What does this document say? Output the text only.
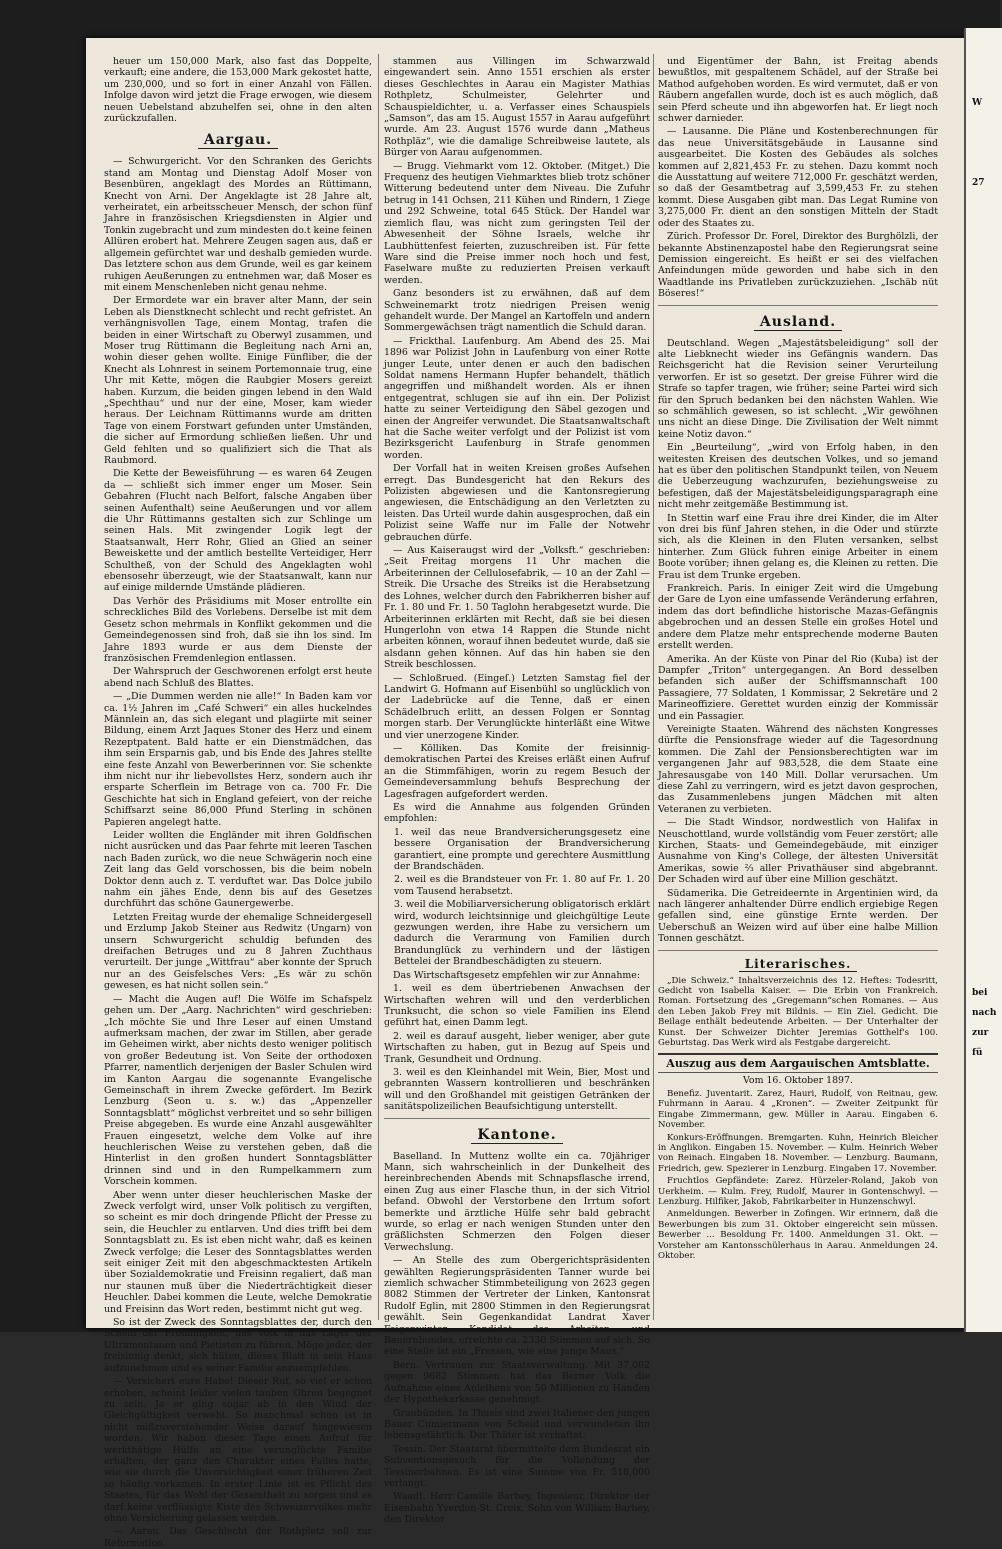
heuer um 150,000 Mark, also fast das Doppelte, verkauft; eine andere, die 153,000 Mark gekostet hatte, um 230,000, und so fort in einer Anzahl von Fällen. Infolge davon wird jetzt die Frage erwogen, wie diesem neuen Uebelstand abzuhelfen sei, ohne in den alten zurückzufallen.

Aargau.

— Schwurgericht. Vor den Schranken des Gerichts stand am Montag und Dienstag Adolf Moser von Besenbüren, angeklagt des Mordes an Rüttimann, Knecht von Arni. Der Angeklagte ist 28 Jahre alt, verheiratet, ein arbeitsscheuer Mensch, der schon fünf Jahre in französischen Kriegsdiensten in Algier und Tonkin zugebracht und zum mindesten do.t keine feinen Allüren erobert hat. Mehrere Zeugen sagen aus, daß er allgemein gefürchtet war und deshalb gemieden wurde. Das letztere schon aus dem Grunde, weil es gar keinem ruhigen Aeußerungen zu entnehmen war, daß Moser es mit einem Menschenleben nicht genau nehme.

Der Ermordete war ein braver alter Mann, der sein Leben als Dienstknecht schlecht und recht gefristet. An verhängnisvollen Tage, einem Montag, trafen die beiden in einer Wirtschaft zu Oberwyl zusammen, und Moser trug Rüttimann die Begleitung nach Arni an, wohin dieser gehen wollte. Einige Fünfliber, die der Knecht als Lohnrest in seinem Portemonnaie trug, eine Uhr mit Kette, mögen die Raubgier Mosers gereizt haben. Kurzum, die beiden gingen lebend in den Wald „Spechthau“ und nur der eine, Moser, kam wieder heraus. Der Leichnam Rüttimanns wurde am dritten Tage von einem Forstwart gefunden unter Umständen, die sicher auf Ermordung schließen ließen. Uhr und Geld fehlten und so qualifiziert sich die That als Raubmord.

Die Kette der Beweisführung — es waren 64 Zeugen da — schließt sich immer enger um Moser. Sein Gebahren (Flucht nach Belfort, falsche Angaben über seinen Aufenthalt) seine Aeußerungen und vor allem die Uhr Rüttimanns gestalten sich zur Schlinge um seinen Hals. Mit zwingender Logik legt der Staatsanwalt, Herr Rohr, Glied an Glied an seiner Beweiskette und der amtlich bestellte Verteidiger, Herr Schultheß, von der Schuld des Angeklagten wohl ebensosehr überzeugt, wie der Staatsanwalt, kann nur auf einige mildernde Umstände plädieren.

Das Verhör des Präsidiums mit Moser entrollte ein schreckliches Bild des Vorlebens. Derselbe ist mit dem Gesetz schon mehrmals in Konflikt gekommen und die Gemeindegenossen sind froh, daß sie ihn los sind. Im Jahre 1893 wurde er aus dem Dienste der französischen Fremdenlegion entlassen.

Der Wahrspruch der Geschworenen erfolgt erst heute abend nach Schluß des Blattes.

— „Die Dummen werden nie alle!“ In Baden kam vor ca. 1½ Jahren im „Café Schweri“ ein alles huckelndes Männlein an, das sich elegant und plagiirte mit seiner Bildung, einem Arzt Jaques Stoner des Herz und einem Rezeptpatent. Bald hatte er ein Dienstmädchen, das ihm sein Ersparnis gab, und bis Ende des Jahres stellte eine feste Anzahl von Bewerberinnen vor. Sie schenkte ihm nicht nur ihr liebevollstes Herz, sondern auch ihr ersparte Scherflein im Betrage von ca. 700 Fr. Die Geschichte hat sich in England gefeiert, von der reiche Schiffsarzt seine 86,000 Pfund Sterling in schönen Papieren angelegt hatte.

Leider wollten die Engländer mit ihren Goldfischen nicht ausrücken und das Paar fehrte mit leeren Taschen nach Baden zurück, wo die neue Schwägerin noch eine Zeit lang das Geld vorschossen, bis die beim nobeln Doktor denn auch z. T. verduftet war. Das Dolce jubilo nahm ein jähes Ende, denn bis auf des Gesetzes durchführt das schöne Gaunergewerbe.

Letzten Freitag wurde der ehemalige Schneidergesell und Erzlump Jakob Steiner aus Redwitz (Ungarn) von unsern Schwurgericht schuldig befunden des dreifachen Betruges und zu 8 Jahren Zuchthaus verurteilt. Der junge „Wittfrau“ aber konnte der Spruch nur an des Geisfelsches Vers: „Es wär zu schön gewesen, es hat nicht sollen sein.“

— Macht die Augen auf! Die Wölfe im Schafspelz gehen um. Der „Aarg. Nachrichten“ wird geschrieben: „Ich möchte Sie und Ihre Leser auf einen Umstand aufmerksam machen, der zwar im Stillen, aber gerade im Geheimen wirkt, aber nichts desto weniger politisch von großer Bedeutung ist. Von Seite der orthodoxen Pfarrer, namentlich derjenigen der Basler Schulen wird im Kanton Aargau die sogenannte Evangelische Gemeinschaft in ihrem Zwecke gefördert. Im Bezirk Lenzburg (Seon u. s. w.) das „Appenzeller Sonntagsblatt“ möglichst verbreitet und so sehr billigen Preise abgegeben. Es wurde eine Anzahl ausgewählter Frauen eingesetzt, welche dem Volke auf ihre heuchlerischen Weise zu verstehen geben, daß die Hinterlist in den großen hundert Sonntagsblätter drinnen sind und in den Rumpelkammern zum Vorschein kommen.

Aber wenn unter dieser heuchlerischen Maske der Zweck verfolgt wird, unser Volk politisch zu vergiften, so scheint es mir doch dringende Pflicht der Presse zu sein, die Heuchler zu entlarven. Und dies trifft bei dem Sonntagsblatt zu. Es ist eben nicht wahr, daß es keinen Zweck verfolge; die Leser des Sonntagsblattes werden seit einiger Zeit mit den abgeschmacktesten Artikeln über Sozialdemokratie und Freisinn regaliert, daß man nur staunen muß über die Niederträchtigkeit dieser Heuchler. Dabei kommen die Leute, welche Demokratie und Freisinn das Wort reden, bestimmt nicht gut weg.

So ist der Zweck des Sonntagsblattes der, durch den Schein der Frömmigkeit, das Volk in das Lager der Ultramontanen und Pietisten zu führen. Möge jeder, der freisinnig denkt, sich hüten, dieses Blatt in sein Haus aufzunehmen und es seiner Familie anzuempfehlen.

— Versichert eure Habe! Dieser Ruf, so viel er schon erhoben, scheint leider vielen tauben Ohren begegnet zu sein. Ja er ging sogar ab in den Wind der Gleichgültigkeit verweht. So manchmal schon ist in nicht mißzuverstehender Weise darauf hingewiesen worden. Wir haben dieser Tage einen Aufruf für werkthätige Hülfe an eine verunglückte Familie erhalten, der ganz den Charakter eines Falles hatte, wie sie durch die Unvorsichtigkeit einer früheren Zeit so häufig vorkamen. In erster Linie ist es Pflicht des Staates, für das Wohl der Gesamtheit zu sorgen und es darf keine verflüssigte Kiste des Schweizervolkes mehr ohne Versicherung gelassen werden.

— Aarau. Das Geschlecht der Rothpletz soll zur Reformation

stammen aus Villingen im Schwarzwald eingewandert sein. Anno 1551 erschien als erster dieses Geschlechtes in Aarau ein Magister Mathias Rothpletz, Schulmeister, Gelehrter und Schauspieldichter, u. a. Verfasser eines Schauspiels „Samson“, das am 15. August 1557 in Aarau aufgeführt wurde. Am 23. August 1576 wurde dann „Matheus Rothpläz“, wie die damalige Schreibweise lautete, als Bürger von Aarau aufgenommen.

— Brugg. Viehmarkt vom 12. Oktober. (Mitget.) Die Frequenz des heutigen Viehmarktes blieb trotz schöner Witterung bedeutend unter dem Niveau. Die Zufuhr betrug in 141 Ochsen, 211 Kühen und Rindern, 1 Ziege und 292 Schweine, total 645 Stück. Der Handel war ziemlich flau, was nicht zum geringsten Teil der Abwesenheit der Söhne Israels, welche ihr Laubhüttenfest feierten, zuzuschreiben ist. Für fette Ware sind die Preise immer noch hoch und fest, Faselware mußte zu reduzierten Preisen verkauft werden.

Ganz besonders ist zu erwähnen, daß auf dem Schweinemarkt trotz niedrigen Preisen wenig gehandelt wurde. Der Mangel an Kartoffeln und andern Sommergewächsen trägt namentlich die Schuld daran.

— Frickthal. Laufenburg. Am Abend des 25. Mai 1896 war Polizist John in Laufenburg von einer Rotte junger Leute, unter denen er auch den badischen Soldat namens Hermann Hupfer behandelt, thätlich angegriffen und mißhandelt worden. Als er ihnen entgegentrat, schlugen sie auf ihn ein. Der Polizist hatte zu seiner Verteidigung den Säbel gezogen und einen der Angreifer verwundet. Die Staatsanwaltschaft hat die Sache weiter verfolgt und der Polizist ist vom Bezirksgericht Laufenburg in Strafe genommen worden.

Der Vorfall hat in weiten Kreisen großes Aufsehen erregt. Das Bundesgericht hat den Rekurs des Polizisten abgewiesen und die Kantonsregierung angewiesen, die Entschädigung an den Verletzten zu leisten. Das Urteil wurde dahin ausgesprochen, daß ein Polizist seine Waffe nur im Falle der Notwehr gebrauchen dürfe.

— Aus Kaiseraugst wird der „Volksft.“ geschrieben: „Seit Freitag morgens 11 Uhr machen die Arbeiterinnen der Cellulosefabrik, — 10 an der Zahl — Streik. Die Ursache des Streiks ist die Herabsetzung des Lohnes, welcher durch den Fabrikherren bisher auf Fr. 1. 80 und Fr. 1. 50 Taglohn herabgesetzt wurde. Die Arbeiterinnen erklärten mit Recht, daß sie bei diesen Hungerlohn von etwa 14 Rappen die Stunde nicht arbeiten können, worauf ihnen bedeutet wurde, daß sie alsdann gehen können. Auf das hin haben sie den Streik beschlossen.

— Schloßrued. (Eingeſ.) Letzten Samstag fiel der Landwirt G. Hofmann auf Eisenbühl so unglücklich von der Ladebrücke auf die Tenne, daß er einen Schädelbruch erlitt, an dessen Folgen er Sonntag morgen starb. Der Verunglückte hinterläßt eine Witwe und vier unerzogene Kinder.

— Kölliken. Das Komite der freisinnig-demokratischen Partei des Kreises erläßt einen Aufruf an die Stimmfähigen, worin zu regem Besuch der Gemeindeversammlung behufs Besprechung der Lagesfragen aufgefordert werden.

Es wird die Annahme aus folgenden Gründen empfohlen:

1. weil das neue Brandversicherungsgesetz eine bessere Organisation der Brandversicherung garantiert, eine prompte und gerechtere Ausmittlung der Brandschäden.

2. weil es die Brandsteuer von Fr. 1. 80 auf Fr. 1. 20 vom Tausend herabsetzt.

3. weil die Mobiliarversicherung obligatorisch erklärt wird, wodurch leichtsinnige und gleichgültige Leute gezwungen werden, ihre Habe zu versichern um dadurch die Verarmung von Familien durch Brandunglück zu verhindern und der lästigen Bettelei der Brandbeschädigten zu steuern.

Das Wirtschaftsgesetz empfehlen wir zur Annahme:

1. weil es dem übertriebenen Anwachsen der Wirtschaften wehren will und den verderblichen Trunksucht, die schon so viele Familien ins Elend geführt hat, einen Damm legt.

2. weil es darauf ausgeht, lieber weniger, aber gute Wirtschaften zu haben, gut in Bezug auf Speis und Trank, Gesundheit und Ordnung.

3. weil es den Kleinhandel mit Wein, Bier, Most und gebrannten Wassern kontrollieren und beschränken will und den Großhandel mit geistigen Getränken der sanitätspolizeilichen Beaufsichtigung unterstellt.

Kantone.

Baselland. In Muttenz wollte ein ca. 70jähriger Mann, sich wahrscheinlich in der Dunkelheit des hereinbrechenden Abends mit Schnapsflasche irrend, einen Zug aus einer Flasche thun, in der sich Vitriol befand. Obwohl der Verstorbene den Irrtum sofort bemerkte und ärztliche Hülfe sehr bald gebracht wurde, so erlag er nach wenigen Stunden unter den gräßlichsten Schmerzen den Folgen dieser Verwechslung.

— An Stelle des zum Obergerichtspräsidenten gewählten Regierungspräsidenten Tanner wurde bei ziemlich schwacher Stimmbeteiligung von 2623 gegen 8082 Stimmen der Vertreter der Linken, Kantonsrat Rudolf Eglin, mit 2800 Stimmen in den Regierungsrat gewählt. Sein Gegenkandidat Landrat Xaver Feigenwinter, Kandidat des Arbeiter- und Bauernbundes, erreichte ca. 2330 Stimmen auf sich. So eine Stelle ist ein „Fressen, wie eine junge Maus.“

Bern. Vertrauen zur Staatsverwaltung. Mit 37,002 gegen 9682 Stimmen hat das Berner Volk die Aufnahme eines Anleihens von 50 Millionen zu Handen der Hypothekarkasse genehmigt.

Graubünden. In Thusis sind zwei Italiener den jungen Bauer Cumiermann von Scheid und verwundeten ihn lebensgefährlich. Der Thäter ist verhaftet.

Tessin. Der Staatsrat übermittelte dem Bundesrat ein Subventionsgesuch für die Vollendung der Tessinerbahnen. Es ist eine Summe von Fr. 518,000 verlangt.

Waadt. Herr Camille Barbey, Ingenieur, Direktor der Eisenbahn Yverdon-St. Croix, Sohn von William Barbey, den Direktor

und Eigentümer der Bahn, ist Freitag abends bewußtlos, mit gespaltenem Schädel, auf der Straße bei Mathod aufgehoben worden. Es wird vermutet, daß er von Räubern angefallen wurde, doch ist es auch möglich, daß sein Pferd scheute und ihn abgeworfen hat. Er liegt noch schwer darnieder.

— Lausanne. Die Pläne und Kostenberechnungen für das neue Universitätsgebäude in Lausanne sind ausgearbeitet. Die Kosten des Gebäudes als solches kommen auf 2,821,453 Fr. zu stehen. Dazu kommt noch die Ausstattung auf weitere 712,000 Fr. geschätzt werden, so daß der Gesamtbetrag auf 3,599,453 Fr. zu stehen kommt. Diese Ausgaben gibt man. Das Legat Rumine von 3,275,000 Fr. dient an den sonstigen Mitteln der Stadt oder des Staates zu.

Zürich. Professor Dr. Forel, Direktor des Burghölzli, der bekannte Abstinenzapostel habe den Regierungsrat seine Demission eingereicht. Es heißt er sei des vielfachen Anfeindungen müde geworden und habe sich in den Waadtlande ins Privatleben zurückzuziehen. „Ischäb nüt Böseres!“

Ausland.

Deutschland. Wegen „Majestätsbeleidigung“ soll der alte Liebknecht wieder ins Gefängnis wandern. Das Reichsgericht hat die Revision seiner Verurteilung verworfen. Er ist so gesetzt. Der greise Führer wird die Strafe so tapfer tragen, wie früher; seine Partei wird sich für den Spruch bedanken bei den nächsten Wahlen. Wie so schmählich gewesen, so ist schlecht. „Wir gewöhnen uns nicht an diese Dinge. Die Zivilisation der Welt nimmt keine Notiz davon.“

Ein „Beurteilung“, „wird von Erfolg haben, in den weitesten Kreisen des deutschen Volkes, und so jemand hat es über den politischen Standpunkt teilen, von Neuem die Ueberzeugung wachzurufen, beziehungsweise zu befestigen, daß der Majestätsbeleidigungsparagraph eine nicht mehr zeitgemäße Bestimmung ist.

In Stettin warf eine Frau ihre drei Kinder, die im Alter von drei bis fünf Jahren stehen, in die Oder und stürzte sich, als die Kleinen in den Fluten versanken, selbst hinterher. Zum Glück fuhren einige Arbeiter in einem Boote vorüber; ihnen gelang es, die Kleinen zu retten. Die Frau ist dem Trunke ergeben.

Frankreich. Paris. In einiger Zeit wird die Umgebung der Gare de Lyon eine umfassende Veränderung erfahren, indem das dort befindliche historische Mazas-Gefängnis abgebrochen und an dessen Stelle ein großes Hotel und andere dem Platze mehr entsprechende moderne Bauten erstellt werden.

Amerika. An der Küste von Pinar del Rio (Kuba) ist der Dampfer „Triton“ untergegangen. An Bord desselben befanden sich außer der Schiffsmannschaft 100 Passagiere, 77 Soldaten, 1 Kommissar, 2 Sekretäre und 2 Marineoffiziere. Gerettet wurden einzig der Kommissär und ein Passagier.

Vereinigte Staaten. Während des nächsten Kongresses dürfte die Pensionsfrage wieder auf die Tagesordnung kommen. Die Zahl der Pensionsberechtigten war im vergangenen Jahr auf 983,528, die dem Staate eine Jahresausgabe von 140 Mill. Dollar verursachen. Um diese Zahl zu verringern, wird es jetzt davon gesprochen, das Zusammenlebens jungen Mädchen mit alten Veteranen zu verbieten.

— Die Stadt Windsor, nordwestlich von Halifax in Neuschottland, wurde vollständig vom Feuer zerstört; alle Kirchen, Staats- und Gemeindegebäude, mit einziger Ausnahme von King's College, der ältesten Universität Amerikas, sowie ⅔ aller Privathäuser sind abgebrannt. Der Schaden wird auf über eine Million geschätzt.

Südamerika. Die Getreideernte in Argentinien wird, da nach längerer anhaltender Dürre endlich ergiebige Regen gefallen sind, eine günstige Ernte werden. Der Ueberschuß an Weizen wird auf über eine halbe Million Tonnen geschätzt.

Literarisches.

„Die Schweiz.“ Inhaltsverzeichnis des 12. Heftes: Todesritt, Gedicht von Isabella Kaiser. — Die Erbin von Frankreich. Roman. Fortsetzung des „Gregemann“schen Romanes. — Aus den Leben Jakob Frey mit Bildnis. — Ein Ziel. Gedicht. Die Beilage enthält bedeutende Arbeiten. — Der Unterhalter der Kunst. Der Schweizer Dichter Jeremias Gotthelf's 100. Geburtstag. Das Werk wird als Festgabe dargereicht.

Auszug aus dem Aargauischen Amtsblatte.
Vom 16. Oktober 1897.

Benefiz. Juventarit. Zarez, Hauri, Rudolf, von Reitnau, gew. Fuhrmann in Aarau. 4 „Kronen“. — Zweiter Zeitpunkt für Eingabe Zimmermann, gew. Müller in Aarau. Eingaben 6. November.

Konkurs-Eröffnungen. Bremgarten. Kuhn, Heinrich Bleicher in Anglikon. Eingaben 15. November. — Kulm. Heinrich Weber von Reinach. Eingaben 18. November. — Lenzburg. Baumann, Friedrich, gew. Spezierer in Lenzburg. Eingaben 17. November.

Fruchtlos Gepfändete: Zarez. Hürzeler-Roland, Jakob von Uerkheim. — Kulm. Frey, Rudolf, Maurer in Gontenschwyl. — Lenzburg. Hilfiker, Jakob, Fabrikarbeiter in Hunzenschwyl.

Anmeldungen. Bewerber in Zofingen. Wir erinnern, daß die Bewerbungen bis zum 31. Oktober eingereicht sein müssen. Bewerber ... Besoldung Fr. 1400. Anmeldungen 31. Okt. — Vorsteher am Kantonsschülerhaus in Aarau. Anmeldungen 24. Oktober.

W
27
bei
nach
zur
fü
